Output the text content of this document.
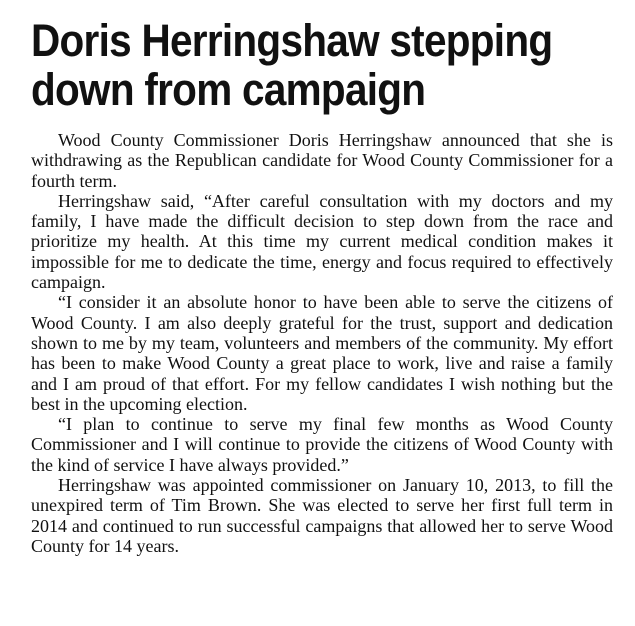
Doris Herringshaw stepping
down from campaign

Wood County Commissioner Doris Herringshaw announced that she is withdrawing as the Republican candidate for Wood County Commissioner for a fourth term.

Herringshaw said, “After careful consultation with my doctors and my family, I have made the difficult decision to step down from the race and prioritize my health. At this time my current medical condition makes it impossible for me to dedicate the time, energy and focus required to effectively campaign.

“I consider it an absolute honor to have been able to serve the citizens of Wood County. I am also deeply grateful for the trust, support and dedication shown to me by my team, volunteers and members of the community. My effort has been to make Wood County a great place to work, live and raise a family and I am proud of that effort. For my fellow candidates I wish nothing but the best in the upcoming election.

“I plan to continue to serve my final few months as Wood County Commissioner and I will continue to provide the citizens of Wood County with the kind of service I have always provided.”

Herringshaw was appointed commissioner on January 10, 2013, to fill the unexpired term of Tim Brown. She was elected to serve her first full term in 2014 and continued to run successful campaigns that allowed her to serve Wood County for 14 years.
